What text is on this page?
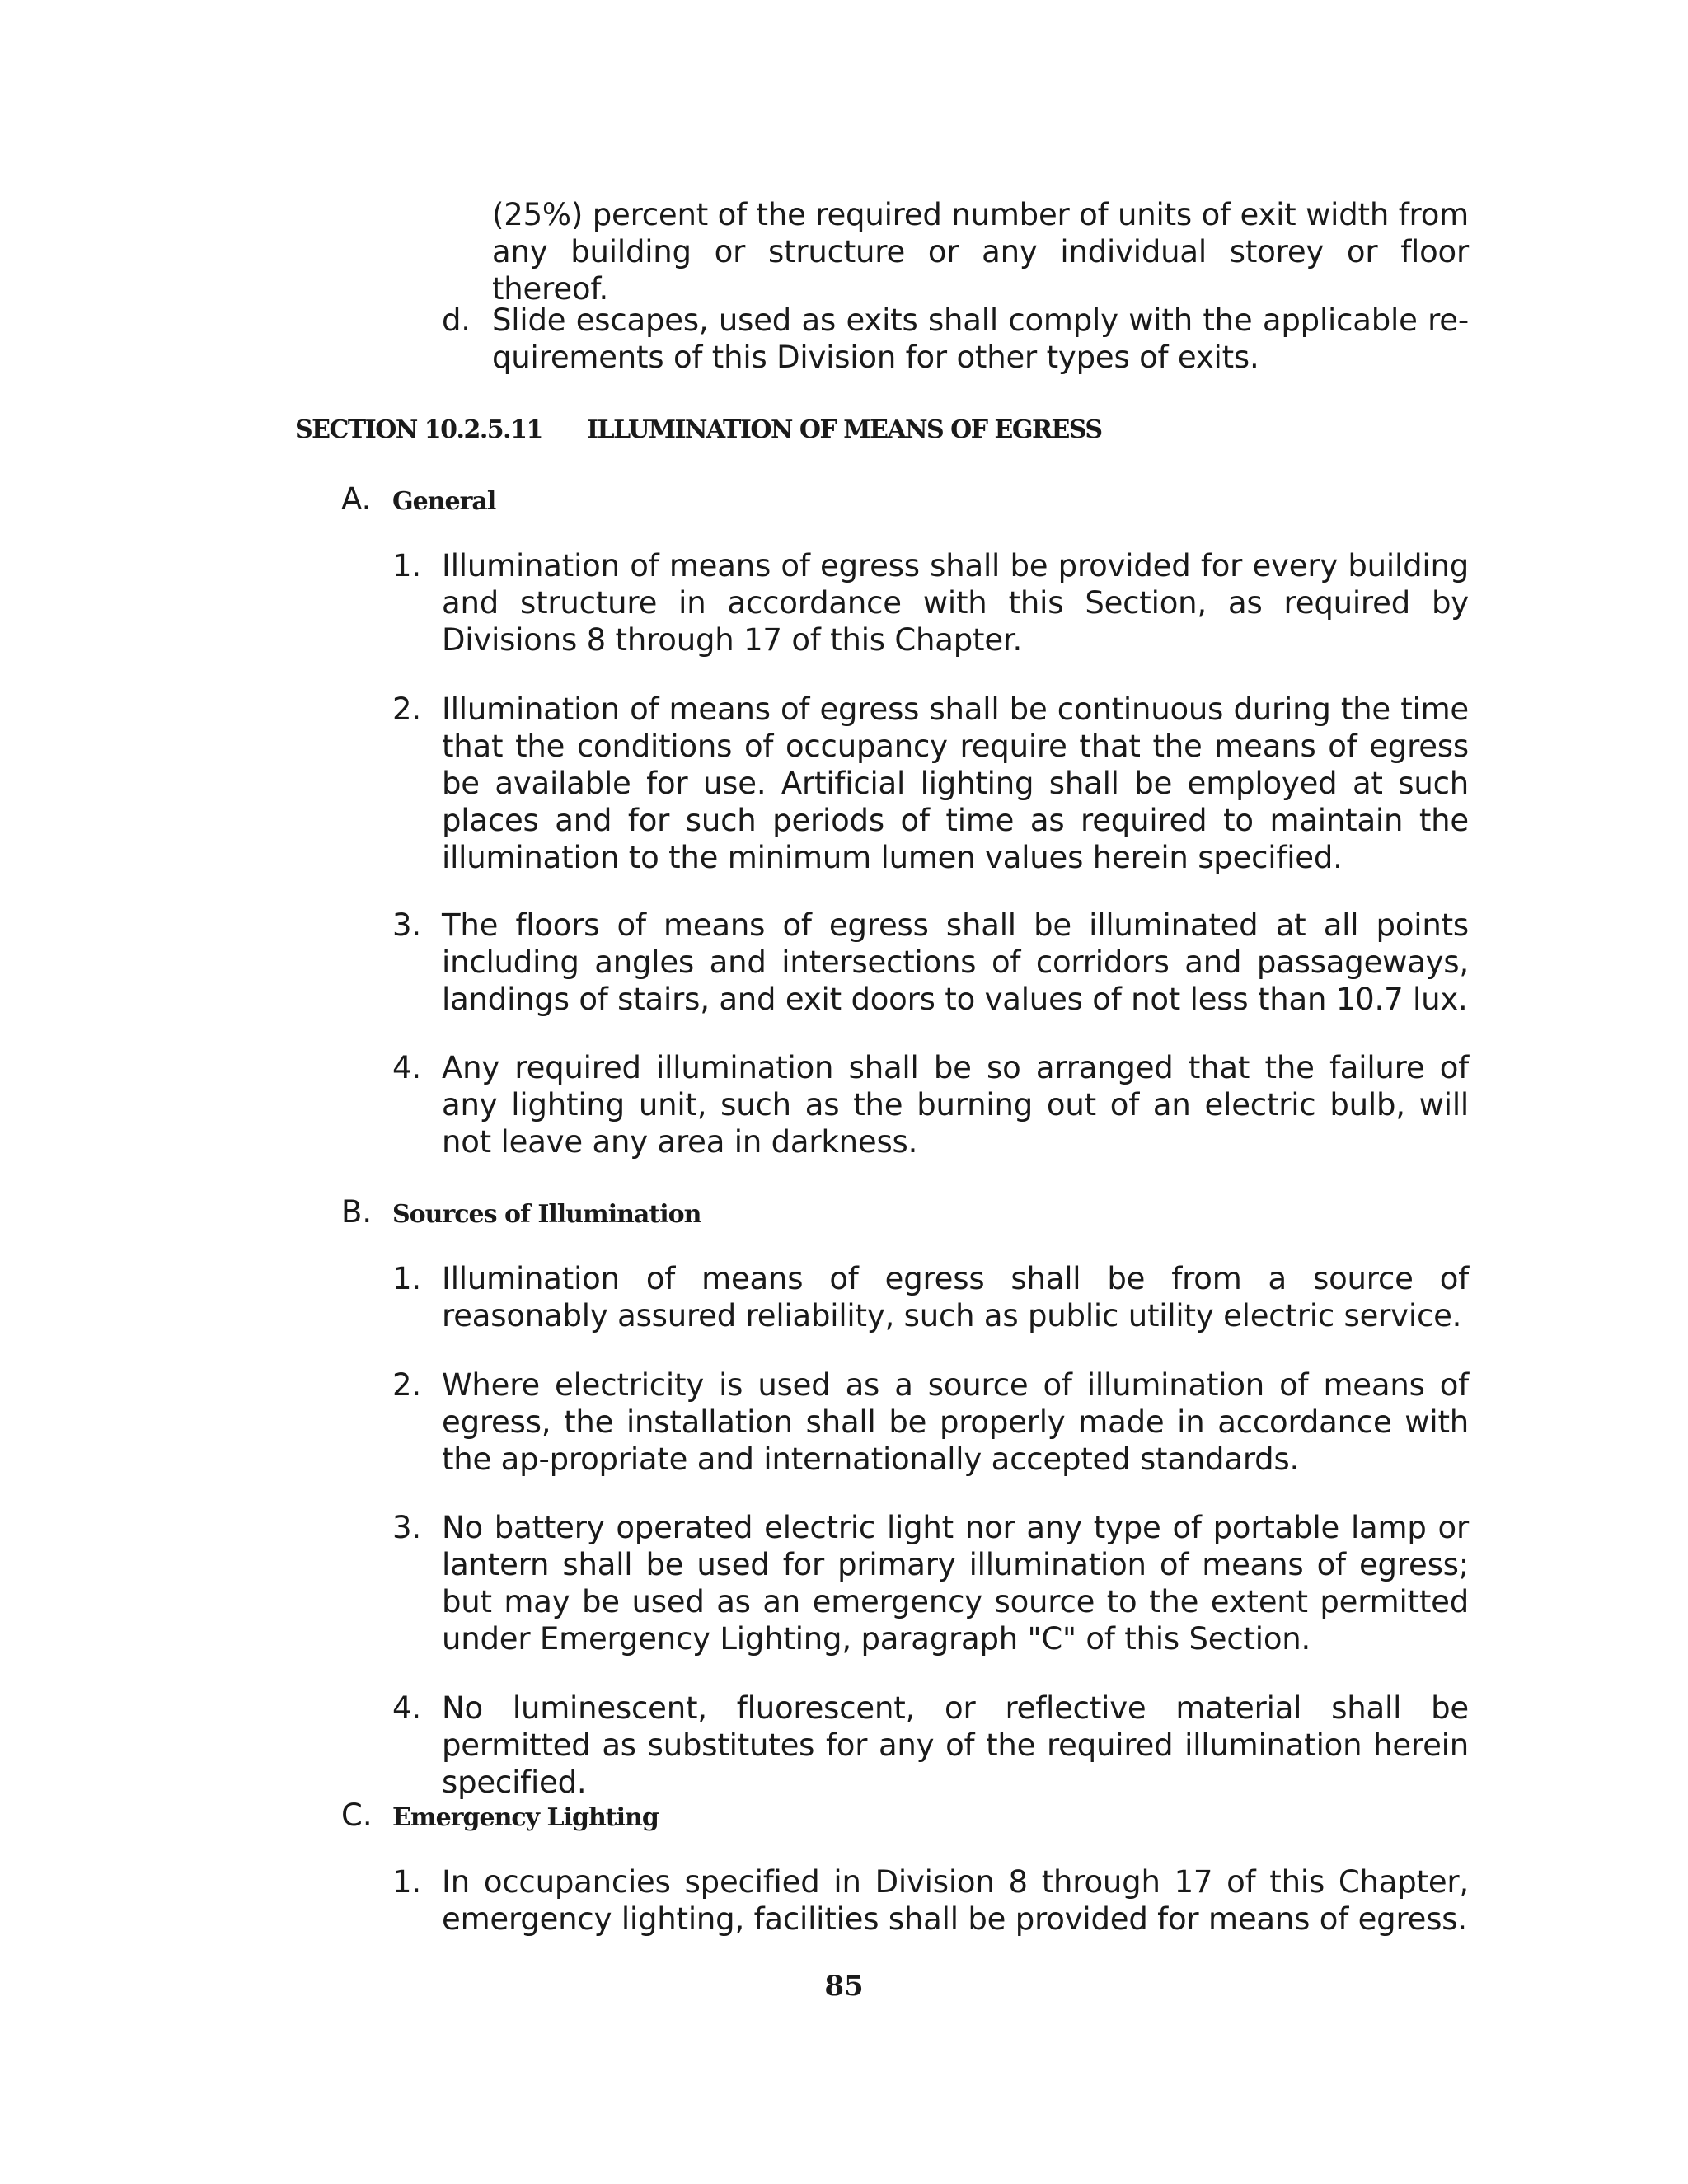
(25%) percent of the required number of units of exit width from any building or structure or any individual storey or floor thereof.
d. Slide escapes, used as exits shall comply with the applicable re-quirements of this Division for other types of exits.
SECTION 10.2.5.11 ILLUMINATION OF MEANS OF EGRESS
A. General
1. Illumination of means of egress shall be provided for every building and structure in accordance with this Section, as required by Divisions 8 through 17 of this Chapter.
2. Illumination of means of egress shall be continuous during the time that the conditions of occupancy require that the means of egress be available for use. Artificial lighting shall be employed at such places and for such periods of time as required to maintain the illumination to the minimum lumen values herein specified.
3. The floors of means of egress shall be illuminated at all points including angles and intersections of corridors and passageways, landings of stairs, and exit doors to values of not less than 10.7 lux.
4. Any required illumination shall be so arranged that the failure of any lighting unit, such as the burning out of an electric bulb, will not leave any area in darkness.
B. Sources of Illumination
1. Illumination of means of egress shall be from a source of reasonably assured reliability, such as public utility electric service.
2. Where electricity is used as a source of illumination of means of egress, the installation shall be properly made in accordance with the ap-propriate and internationally accepted standards.
3. No battery operated electric light nor any type of portable lamp or lantern shall be used for primary illumination of means of egress; but may be used as an emergency source to the extent permitted under Emergency Lighting, paragraph "C" of this Section.
4. No luminescent, fluorescent, or reflective material shall be permitted as substitutes for any of the required illumination herein specified.
C. Emergency Lighting
1. In occupancies specified in Division 8 through 17 of this Chapter, emergency lighting, facilities shall be provided for means of egress.
85
